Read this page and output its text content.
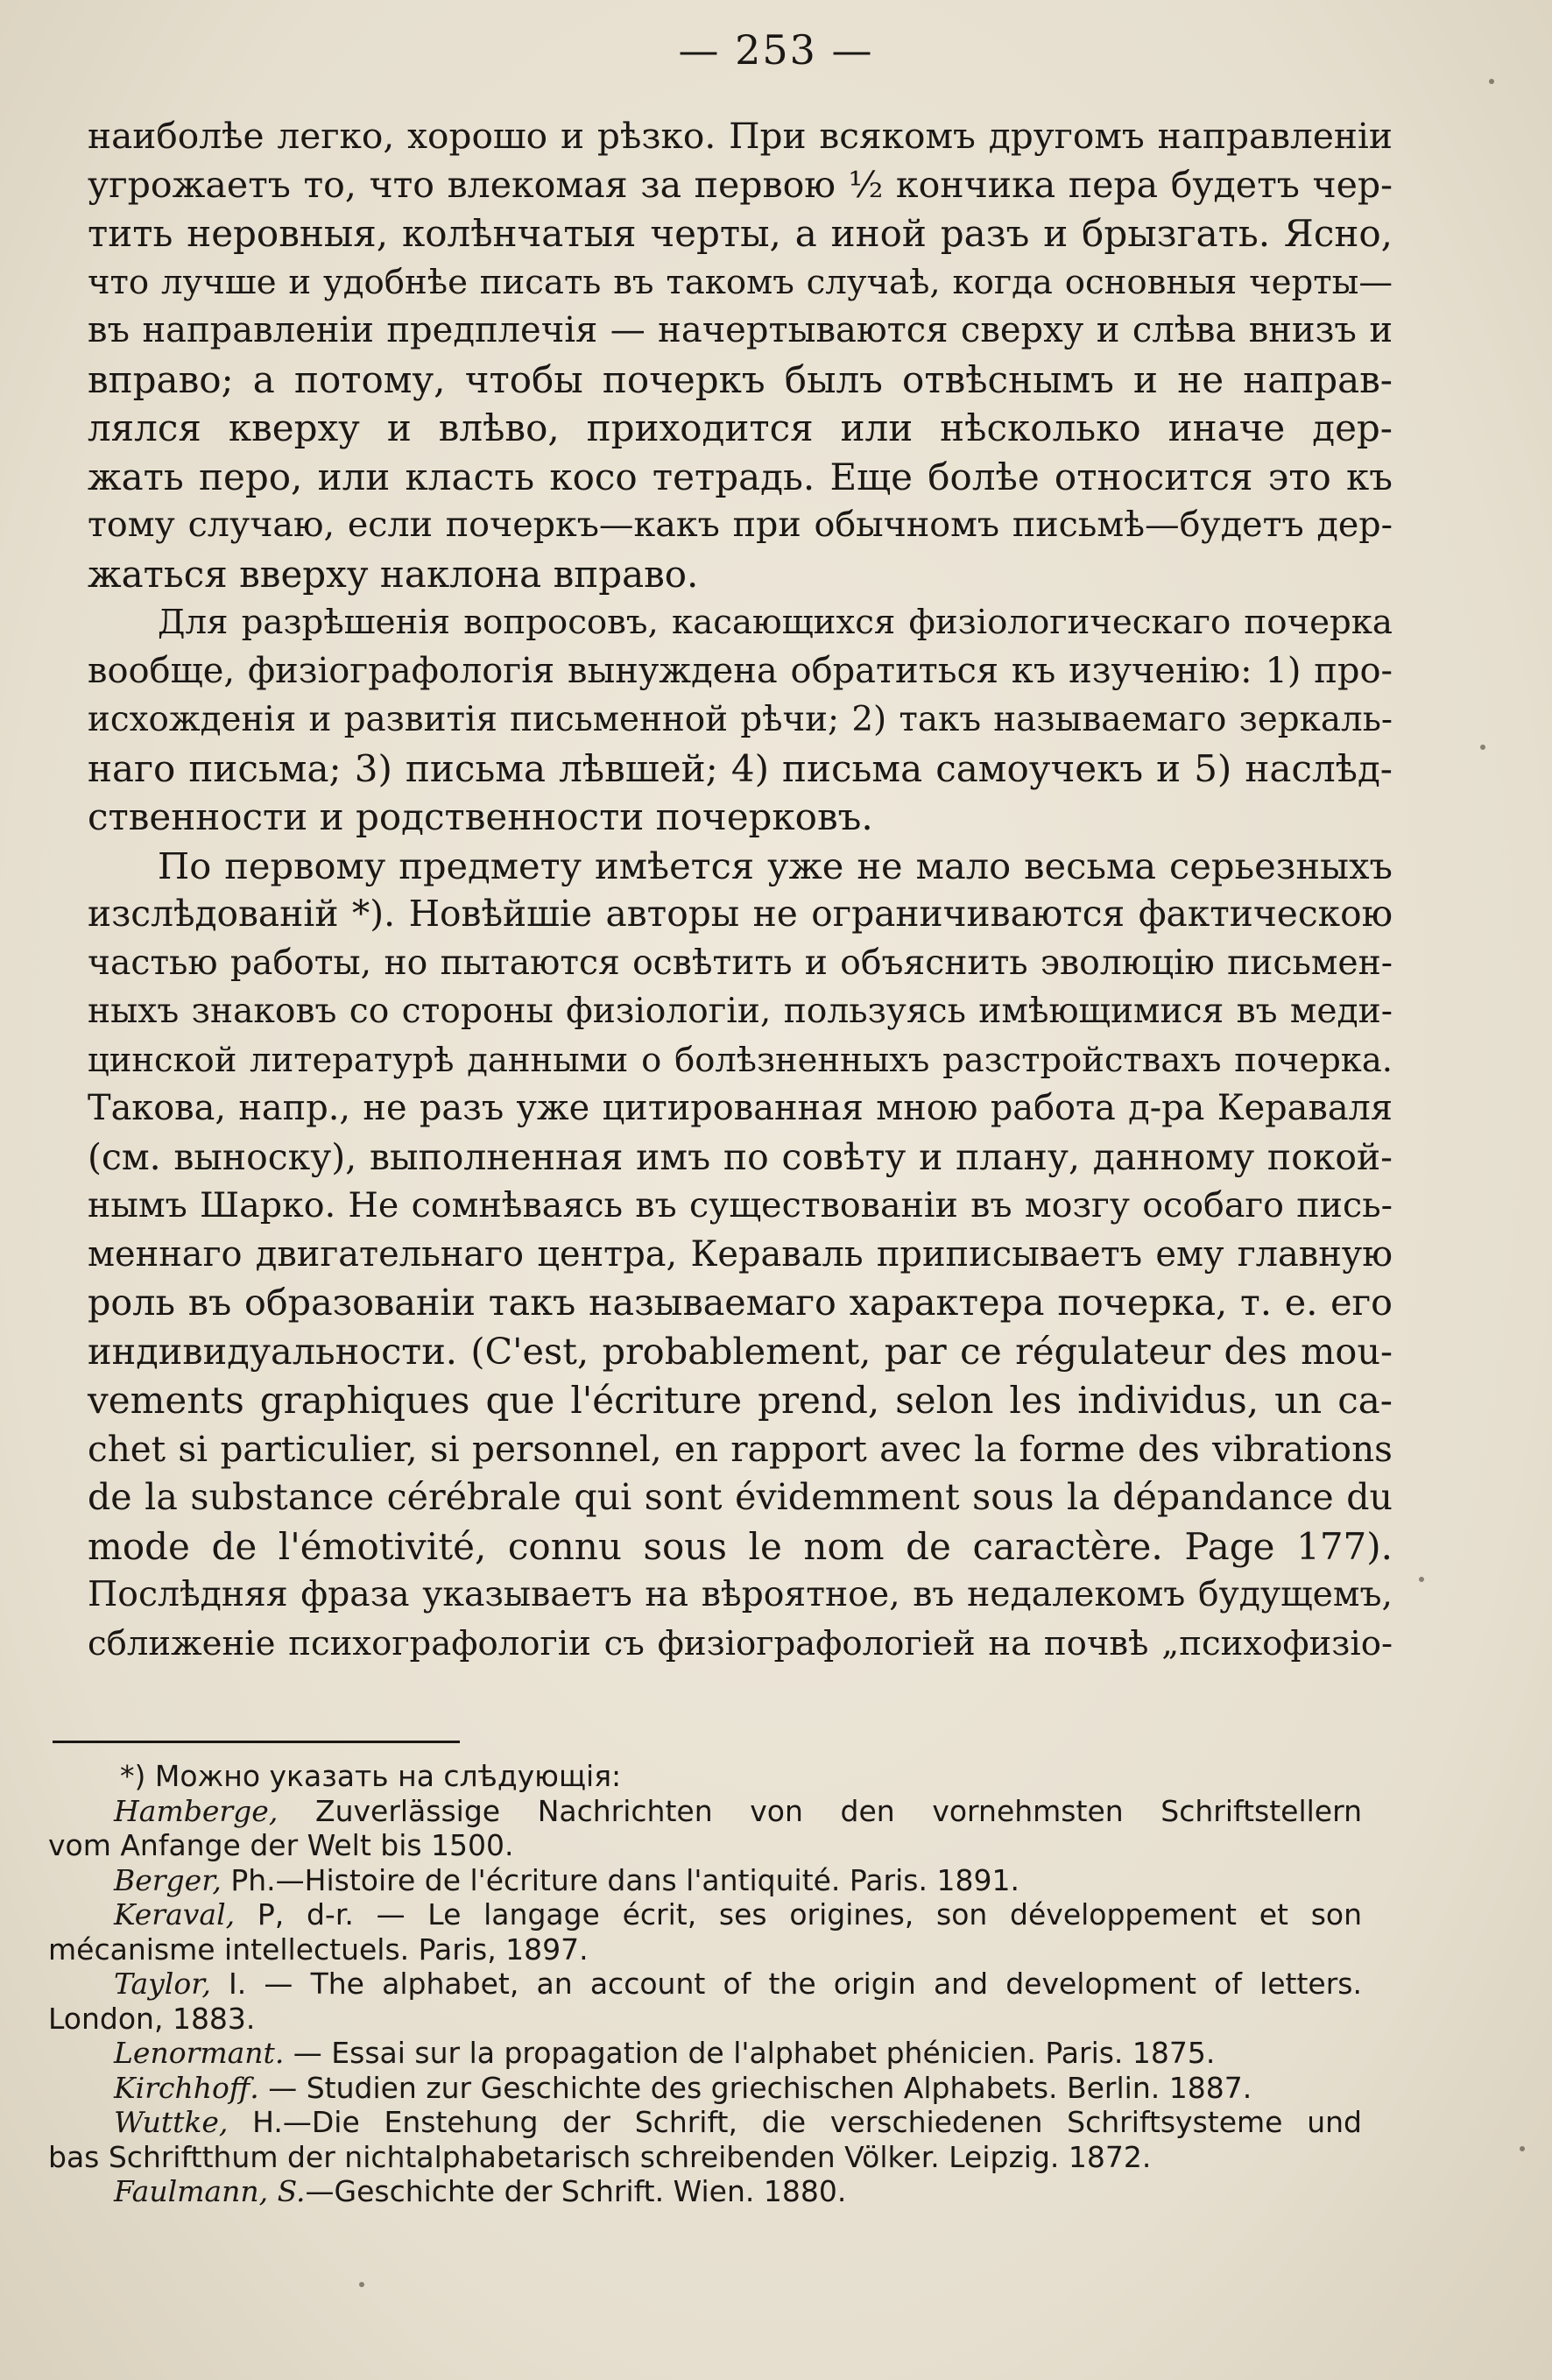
— 253 —
наиболѣе легко, хорошо и рѣзко. При всякомъ другомъ направленіи
угрожаетъ то, что влекомая за первою ½ кончика пера будетъ чер-
тить неровныя, колѣнчатыя черты, а иной разъ и брызгать. Ясно,
что лучше и удобнѣе писать въ такомъ случаѣ, когда основныя черты—
въ направленіи предплечія — начертываются сверху и слѣва внизъ и
вправо; а потому, чтобы почеркъ былъ отвѣснымъ и не направ-
лялся кверху и влѣво, приходится или нѣсколько иначе дер-
жать перо, или класть косо тетрадь. Еще болѣе относится это къ
тому случаю, если почеркъ—какъ при обычномъ письмѣ—будетъ дер-
жаться вверху наклона вправо.
Для разрѣшенія вопросовъ, касающихся физіологическаго почерка
вообще, физіографологія вынуждена обратиться къ изученію: 1) про-
исхожденія и развитія письменной рѣчи; 2) такъ называемаго зеркаль-
наго письма; 3) письма лѣвшей; 4) письма самоучекъ и 5) наслѣд-
ственности и родственности почерковъ.
По первому предмету имѣется уже не мало весьма серьезныхъ
изслѣдованій *). Новѣйшіе авторы не ограничиваются фактическою
частью работы, но пытаются освѣтить и объяснить эволюцію письмен-
ныхъ знаковъ со стороны физіологіи, пользуясь имѣющимися въ меди-
цинской литературѣ данными о болѣзненныхъ разстройствахъ почерка.
Такова, напр., не разъ уже цитированная мною работа д-ра Кераваля
(см. выноску), выполненная имъ по совѣту и плану, данному покой-
нымъ Шарко. Не сомнѣваясь въ существованіи въ мозгу особаго пись-
меннаго двигательнаго центра, Кераваль приписываетъ ему главную
роль въ образованіи такъ называемаго характера почерка, т. е. его
индивидуальности. (C'est, probablement, par ce régulateur des mou-
vements graphiques que l'écriture prend, selon les individus, un ca-
chet si particulier, si personnel, en rapport avec la forme des vibrations
de la substance cérébrale qui sont évidemment sous la dépandance du
mode de l'émotivité, connu sous le nom de caractère. Page 177).
Послѣдняя фраза указываетъ на вѣроятное, въ недалекомъ будущемъ,
сближеніе психографологіи съ физіографологіей на почвѣ „психофизіо-
*) Можно указать на слѣдующія:
Hamberge, Zuverlässige Nachrichten von den vornehmsten Schriftstellern
vom Anfange der Welt bis 1500.
Berger, Ph.—Histoire de l'écriture dans l'antiquité. Paris. 1891.
Keraval, P, d-r. — Le langage écrit, ses origines, son développement et son
mécanisme intellectuels. Paris, 1897.
Taylor, I. — The alphabet, an account of the origin and development of letters.
London, 1883.
Lenormant. — Essai sur la propagation de l'alphabet phénicien. Paris. 1875.
Kirchhoff. — Studien zur Geschichte des griechischen Alphabets. Berlin. 1887.
Wuttke, H.—Die Enstehung der Schrift, die verschiedenen Schriftsysteme und
bas Schriftthum der nichtalphabetarisch schreibenden Völker. Leipzig. 1872.
Faulmann, S.—Geschichte der Schrift. Wien. 1880.
